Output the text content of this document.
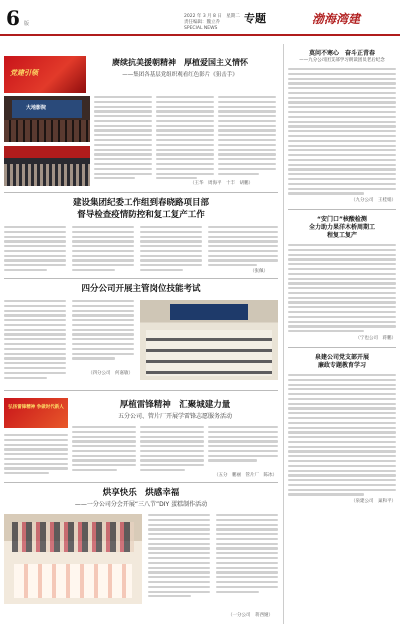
6 版
2022 年 3 月 8 日　星期二
责任编辑：魏立乔
SPECIAL NEWS
专题	渤海湾建
党建引领
赓续抗美援朝精神　厚植爱国主义情怀
——集团各基层党组织观看红色影片《狙击手》
大地影院
（王华　周海平　十丰　胡鹏）
建设集团纪委工作组到春晓路项目部
督导检查疫情防控和复工复产工作
（张佩）
四分公司开展主管岗位技能考试
（四分公司　何嘉敏）
弘扬雷锋精神 争做时代新人	厚植雷锋精神　汇聚城建力量
五分公司、管片厂开展学雷锋志愿服务活动
（五分　鹏丽　管片厂　陈冰）
烘享快乐　烘感幸福
——一分公司分会开展“三八节”DIY 蛋糕制作活动
（一分公司　蒋西娅）
莫问不寒心　奋斗正青春
——九分公司团支部学习朗读团员老后纪念
（九分公司　王桂娟）
“安门口”核酸检测
全力助力果洋木桥周期工
程复工复产
（宁也公司　蒋鹏）
泉建公司党支部开展
廉政专题教育学习
（泉建公司　巢和平）
